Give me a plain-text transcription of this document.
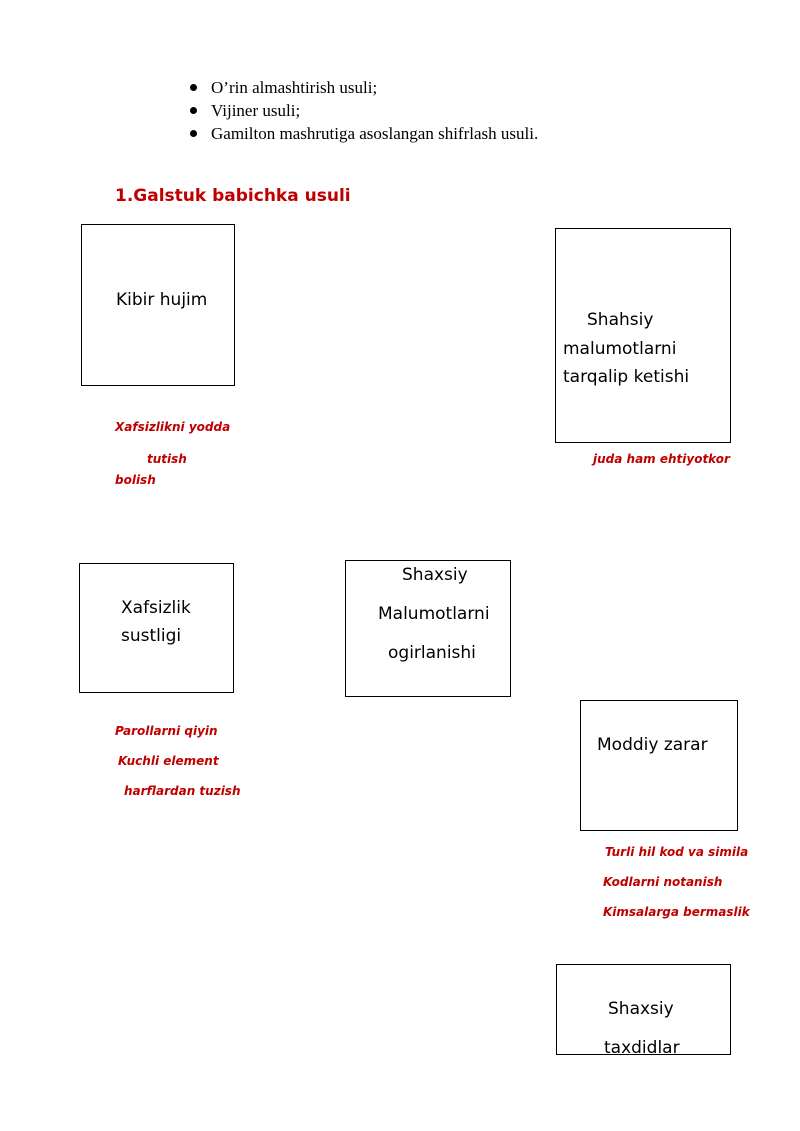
O’rin almashtirish usuli;
Vijiner usuli;
Gamilton mashrutiga asoslangan shifrlash usuli.
1.Galstuk babichka usuli
Kibir hujim
Shahsiy
malumotlarni
tarqalip ketishi
Xafsizlikni yodda
tutish
bolish
juda ham ehtiyotkor
Xafsizlik
sustligi
Shaxsiy
Malumotlarni
ogirlanishi
Parollarni qiyin
Kuchli element
harflardan tuzish
Moddiy zarar
Turli hil kod va simila
Kodlarni notanish
Kimsalarga bermaslik
Shaxsiy
taxdidlar
